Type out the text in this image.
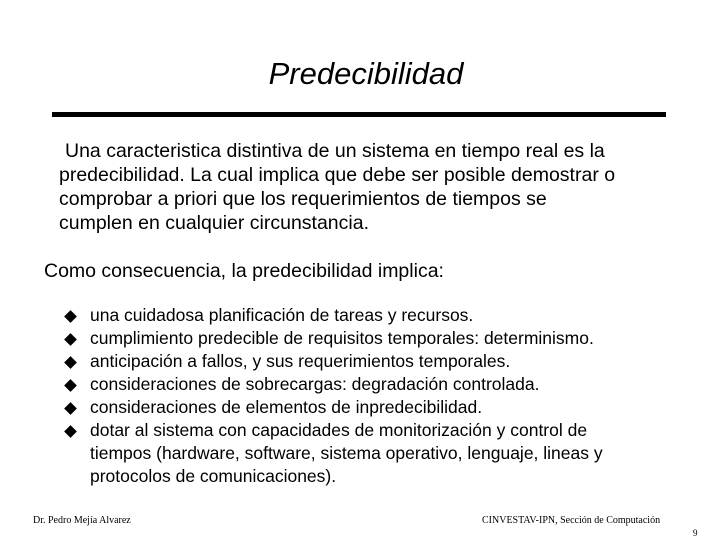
Predecibilidad
Una caracteristica distintiva de un sistema en tiempo real es la
predecibilidad. La cual implica que debe ser posible demostrar o
comprobar a priori que los requerimientos de tiempos se
cumplen en cualquier circunstancia.
Como consecuencia, la predecibilidad implica:
una cuidadosa planificación de tareas y recursos.
cumplimiento predecible de requisitos temporales: determinismo.
anticipación a fallos, y sus requerimientos temporales.
consideraciones de sobrecargas: degradación controlada.
consideraciones de elementos de inpredecibilidad.
dotar al sistema con capacidades de monitorización y control de
tiempos (hardware, software, sistema operativo, lenguaje, lineas y
protocolos de comunicaciones).
Dr. Pedro Mejía Alvarez	CINVESTAV-IPN, Sección de Computación
9
